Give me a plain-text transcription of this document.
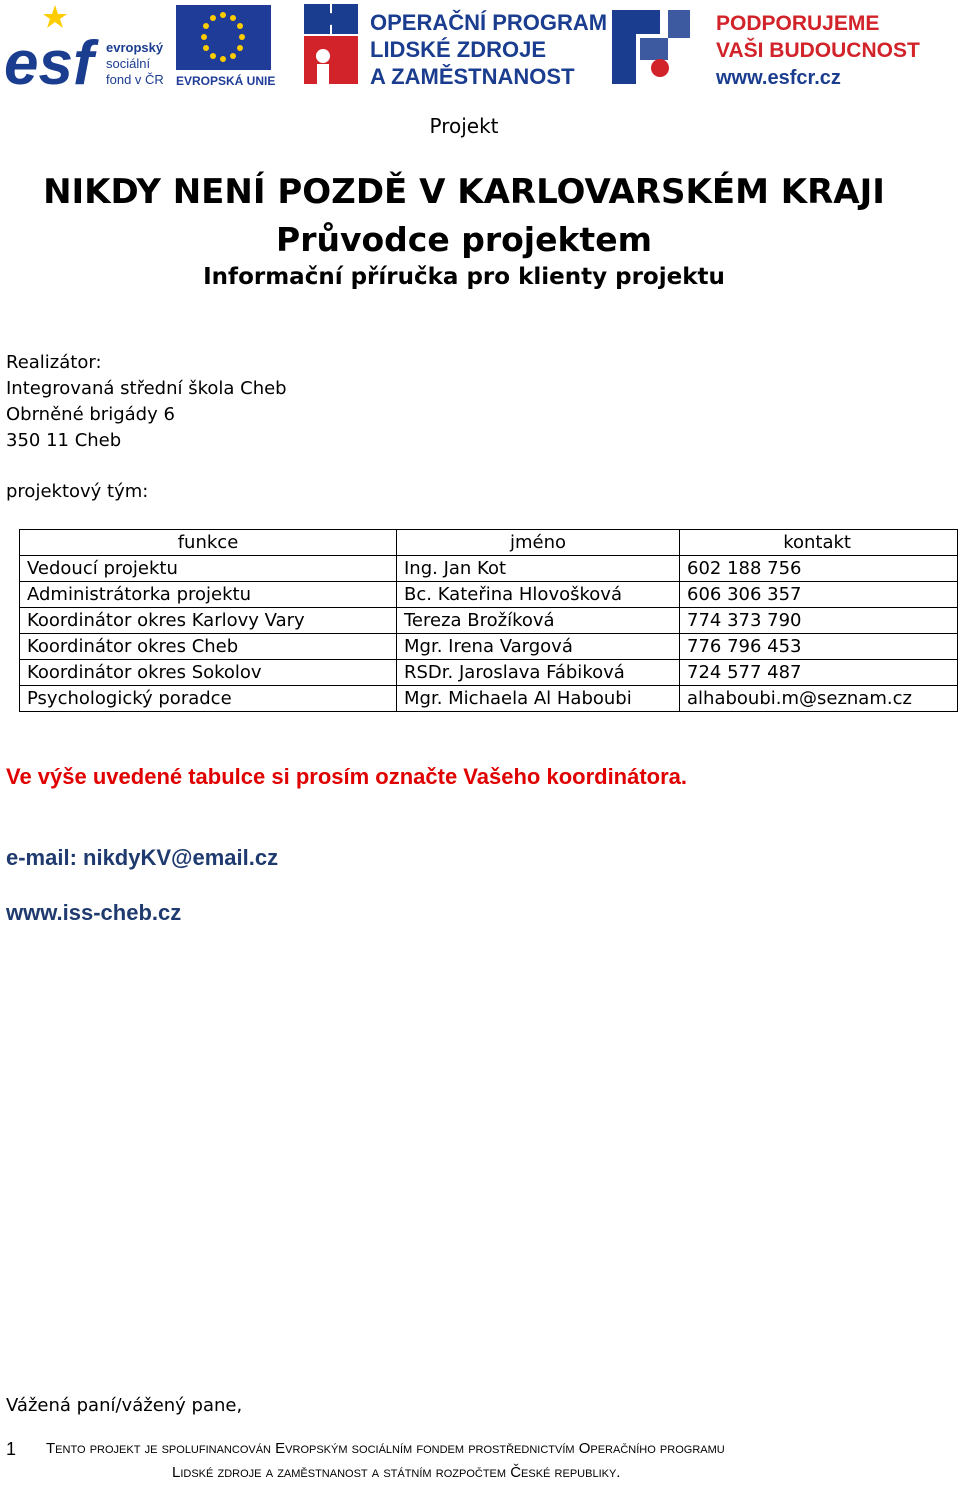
esf evropský
sociální
fond v ČR EVROPSKÁ UNIE
OPERAČNÍ PROGRAM
LIDSKÉ ZDROJE
A ZAMĚSTNANOST
PODPORUJEME
VAŠI BUDOUCNOST
www.esfcr.cz
Projekt
NIKDY NENÍ POZDĚ V KARLOVARSKÉM KRAJI
Průvodce projektem
Informační příručka pro klienty projektu
Realizátor:
Integrovaná střední škola Cheb
Obrněné brigády 6
350 11 Cheb
projektový tým:
funkce	jméno	kontakt
Vedoucí projektu	Ing. Jan Kot	602 188 756
Administrátorka projektu	Bc. Kateřina Hlovošková	606 306 357
Koordinátor okres Karlovy Vary	Tereza Brožíková	774 373 790
Koordinátor okres Cheb	Mgr. Irena Vargová	776 796 453
Koordinátor okres Sokolov	RSDr. Jaroslava Fábiková	724 577 487
Psychologický poradce	Mgr. Michaela Al Haboubi	alhaboubi.m@seznam.cz
Ve výše uvedené tabulce si prosím označte Vašeho koordinátora.
e-mail: nikdyKV@email.cz
www.iss-cheb.cz
Vážená paní/vážený pane,
1 Tento projekt je spolufinancován Evropským sociálním fondem prostřednictvím Operačního programu
Lidské zdroje a zaměstnanost a státním rozpočtem České republiky.
